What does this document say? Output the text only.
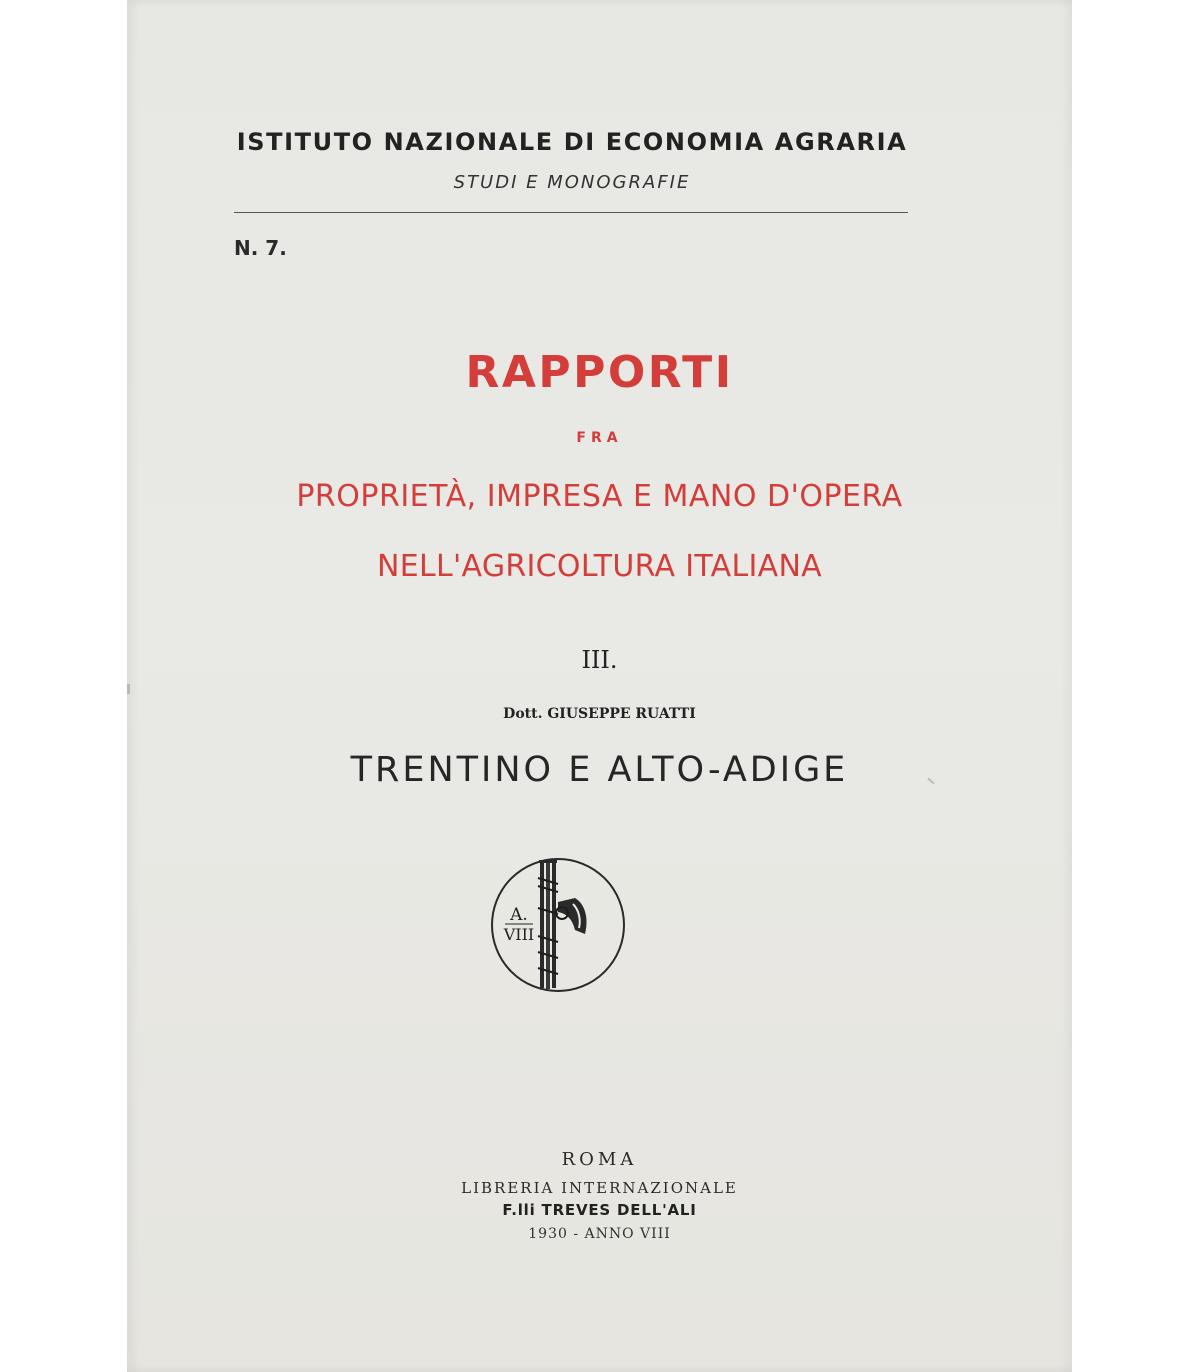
ISTITUTO NAZIONALE DI ECONOMIA AGRARIA

STUDI E MONOGRAFIE

N. 7.

RAPPORTI

FRA

PROPRIETÀ, IMPRESA E MANO D'OPERA

NELL'AGRICOLTURA ITALIANA

III.

Dott. GIUSEPPE RUATTI

TRENTINO E ALTO-ADIGE

A.
VIII

ROMA

LIBRERIA INTERNAZIONALE

F.lli TREVES DELL'ALI

1930 - ANNO VIII
